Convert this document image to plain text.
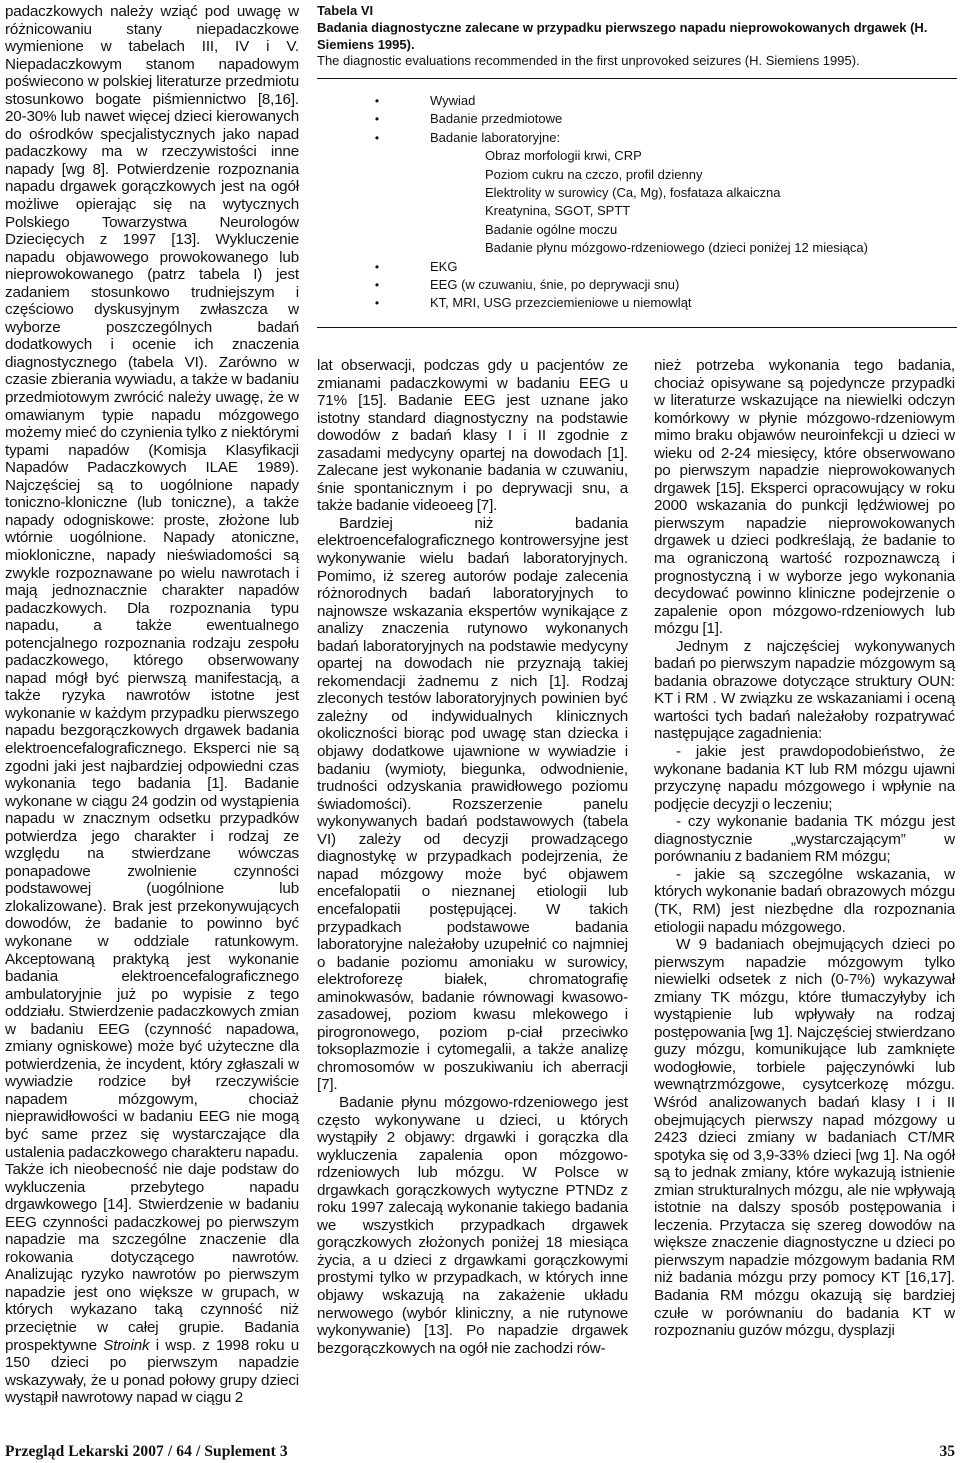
padaczkowych należy wziąć pod uwagę w różnicowaniu stany niepadaczkowe wymienione w tabelach III, IV i V. Niepadaczkowym stanom napadowym poświecono w polskiej literaturze przedmiotu stosunkowo bogate piśmiennictwo [8,16]. 20-30% lub nawet więcej dzieci kierowanych do ośrodków specjalistycznych jako napad padaczkowy ma w rzeczywistości inne napady [wg 8]. Potwierdzenie rozpoznania napadu drgawek gorączkowych jest na ogół możliwe opierając się na wytycznych Polskiego Towarzystwa Neurologów Dziecięcych z 1997 [13]. Wykluczenie napadu objawowego prowokowanego lub nieprowokowanego (patrz tabela I) jest zadaniem stosunkowo trudniejszym i częściowo dyskusyjnym zwłaszcza w wyborze poszczególnych badań dodatkowych i ocenie ich znaczenia diagnostycznego (tabela VI). Zarówno w czasie zbierania wywiadu, a także w badaniu przedmiotowym zwrócić należy uwagę, że w omawianym typie napadu mózgowego możemy mieć do czynienia tylko z niektórymi typami napadów (Komisja Klasyfikacji Napadów Padaczkowych ILAE 1989). Najczęściej są to uogólnione napady toniczno-kloniczne (lub toniczne), a także napady odogniskowe: proste, złożone lub wtórnie uogólnione. Napady atoniczne, miokloniczne, napady nieświadomości są zwykle rozpoznawane po wielu nawrotach i mają jednoznacznie charakter napadów padaczkowych. Dla rozpoznania typu napadu, a także ewentualnego potencjalnego rozpoznania rodzaju zespołu padaczkowego, którego obserwowany napad mógł być pierwszą manifestacją, a także ryzyka nawrotów istotne jest wykonanie w każdym przypadku pierwszego napadu bezgorączkowych drgawek badania elektroencefalograficznego. Eksperci nie są zgodni jaki jest najbardziej odpowiedni czas wykonania tego badania [1]. Badanie wykonane w ciągu 24 godzin od wystąpienia napadu w znacznym odsetku przypadków potwierdza jego charakter i rodzaj ze względu na stwierdzane wówczas ponapadowe zwolnienie czynności podstawowej (uogólnione lub zlokalizowane). Brak jest przekonywujących dowodów, że badanie to powinno być wykonane w oddziale ratunkowym. Akceptowaną praktyką jest wykonanie badania elektroencefalograficznego ambulatoryjnie już po wypisie z tego oddziału. Stwierdzenie padaczkowych zmian w badaniu EEG (czynność napadowa, zmiany ogniskowe) może być użyteczne dla potwierdzenia, że incydent, który zgłaszali w wywiadzie rodzice był rzeczywiście napadem mózgowym, chociaż nieprawidłowości w badaniu EEG nie mogą być same przez się wystarczające dla ustalenia padaczkowego charakteru napadu. Także ich nieobecność nie daje podstaw do wykluczenia przebytego napadu drgawkowego [14]. Stwierdzenie w badaniu EEG czynności padaczkowej po pierwszym napadzie ma szczególne znaczenie dla rokowania dotyczącego nawrotów. Analizując ryzyko nawrotów po pierwszym napadzie jest ono większe w grupach, w których wykazano taką czynność niż przeciętnie w całej grupie. Badania prospektywne Stroink i wsp. z 1998 roku u 150 dzieci po pierwszym napadzie wskazywały, że u ponad połowy grupy dzieci wystąpił nawrotowy napad w ciągu 2

Tabela VI
Badania diagnostyczne zalecane w przypadku pierwszego napadu nieprowokowanych drgawek (H. Siemiens 1995).
The diagnostic evaluations recommended in the first unprovoked seizures (H. Siemiens 1995).
•	Wywiad
•	Badanie przedmiotowe
•	Badanie laboratoryjne:
Obraz morfologii krwi, CRP
Poziom cukru na czczo, profil dzienny
Elektrolity w surowicy (Ca, Mg), fosfataza alkaiczna
Kreatynina, SGOT, SPTT
Badanie ogólne moczu
Badanie płynu mózgowo-rdzeniowego (dzieci poniżej 12 miesiąca)
•	EKG
•	EEG (w czuwaniu, śnie, po deprywacji snu)
•	KT, MRI, USG przezciemieniowe u niemowląt

lat obserwacji, podczas gdy u pacjentów ze zmianami padaczkowymi w badaniu EEG u 71% [15]. Badanie EEG jest uznane jako istotny standard diagnostyczny na podstawie dowodów z badań klasy I i II zgodnie z zasadami medycyny opartej na dowodach [1]. Zalecane jest wykonanie badania w czuwaniu, śnie spontanicznym i po deprywacji snu, a także badanie videoeeg [7].

Bardziej niż badania elektroencefalograficznego kontrowersyjne jest wykonywanie wielu badań laboratoryjnych. Pomimo, iż szereg autorów podaje zalecenia różnorodnych badań laboratoryjnych to najnowsze wskazania ekspertów wynikające z analizy znaczenia rutynowo wykonanych badań laboratoryjnych na podstawie medycyny opartej na dowodach nie przyznają takiej rekomendacji żadnemu z nich [1]. Rodzaj zleconych testów laboratoryjnych powinien być zależny od indywidualnych klinicznych okoliczności biorąc pod uwagę stan dziecka i objawy dodatkowe ujawnione w wywiadzie i badaniu (wymioty, biegunka, odwodnienie, trudności odzyskania prawidłowego poziomu świadomości). Rozszerzenie panelu wykonywanych badań podstawowych (tabela VI) zależy od decyzji prowadzącego diagnostykę w przypadkach podejrzenia, że napad mózgowy może być objawem encefalopatii o nieznanej etiologii lub encefalopatii postępującej. W takich przypadkach podstawowe badania laboratoryjne należałoby uzupełnić co najmniej o badanie poziomu amoniaku w surowicy, elektroforezę białek, chromatografię aminokwasów, badanie równowagi kwasowo-zasadowej, poziom kwasu mlekowego i pirogronowego, poziom p-ciał przeciwko toksoplazmozie i cytomegalii, a także analizę chromosomów w poszukiwaniu ich aberracji [7].

Badanie płynu mózgowo-rdzeniowego jest często wykonywane u dzieci, u których wystąpiły 2 objawy: drgawki i gorączka dla wykluczenia zapalenia opon mózgowo-rdzeniowych lub mózgu. W Polsce w drgawkach gorączkowych wytyczne PTNDz z roku 1997 zalecają wykonanie takiego badania we wszystkich przypadkach drgawek gorączkowych złożonych poniżej 18 miesiąca życia, a u dzieci z drgawkami gorączkowymi prostymi tylko w przypadkach, w których inne objawy wskazują na zakażenie układu nerwowego (wybór kliniczny, a nie rutynowe wykonywanie) [13]. Po napadzie drgawek bezgorączkowych na ogół nie zachodzi rów-

nież potrzeba wykonania tego badania, chociaż opisywane są pojedyncze przypadki w literaturze wskazujące na niewielki odczyn komórkowy w płynie mózgowo-rdzeniowym mimo braku objawów neuroinfekcji u dzieci w wieku od 2-24 miesięcy, które obserwowano po pierwszym napadzie nieprowokowanych drgawek [15]. Eksperci opracowujący w roku 2000 wskazania do punkcji lędźwiowej po pierwszym napadzie nieprowokowanych drgawek u dzieci podkreślają, że badanie to ma ograniczoną wartość rozpoznawczą i prognostyczną i w wyborze jego wykonania decydować powinno kliniczne podejrzenie o zapalenie opon mózgowo-rdzeniowych lub mózgu [1].

Jednym z najczęściej wykonywanych badań po pierwszym napadzie mózgowym są badania obrazowe dotyczące struktury OUN: KT i RM . W związku ze wskazaniami i oceną wartości tych badań należałoby rozpatrywać następujące zagadnienia:

- jakie jest prawdopodobieństwo, że wykonane badania KT lub RM mózgu ujawni przyczynę napadu mózgowego i wpłynie na podjęcie decyzji o leczeniu;

- czy wykonanie badania TK mózgu jest diagnostycznie „wystarczającym” w porównaniu z badaniem RM mózgu;

- jakie są szczególne wskazania, w których wykonanie badań obrazowych mózgu (TK, RM) jest niezbędne dla rozpoznania etiologii napadu mózgowego.

W 9 badaniach obejmujących dzieci po pierwszym napadzie mózgowym tylko niewielki odsetek z nich (0-7%) wykazywał zmiany TK mózgu, które tłumaczyłyby ich wystąpienie lub wpływały na rodzaj postępowania [wg 1]. Najczęściej stwierdzano guzy mózgu, komunikujące lub zamknięte wodogłowie, torbiele pajęczynówki lub wewnątrzmózgowe, cysytcerkozę mózgu. Wśród analizowanych badań klasy I i II obejmujących pierwszy napad mózgowy u 2423 dzieci zmiany w badaniach CT/MR spotyka się od 3,9-33% dzieci [wg 1]. Na ogół są to jednak zmiany, które wykazują istnienie zmian strukturalnych mózgu, ale nie wpływają istotnie na dalszy sposób postępowania i leczenia. Przytacza się szereg dowodów na większe znaczenie diagnostyczne u dzieci po pierwszym napadzie mózgowym badania RM niż badania mózgu przy pomocy KT [16,17]. Badania RM mózgu okazują się bardziej czułe w porównaniu do badania KT w rozpoznaniu guzów mózgu, dysplazji

Przegląd Lekarski 2007 / 64 / Suplement 3	35
